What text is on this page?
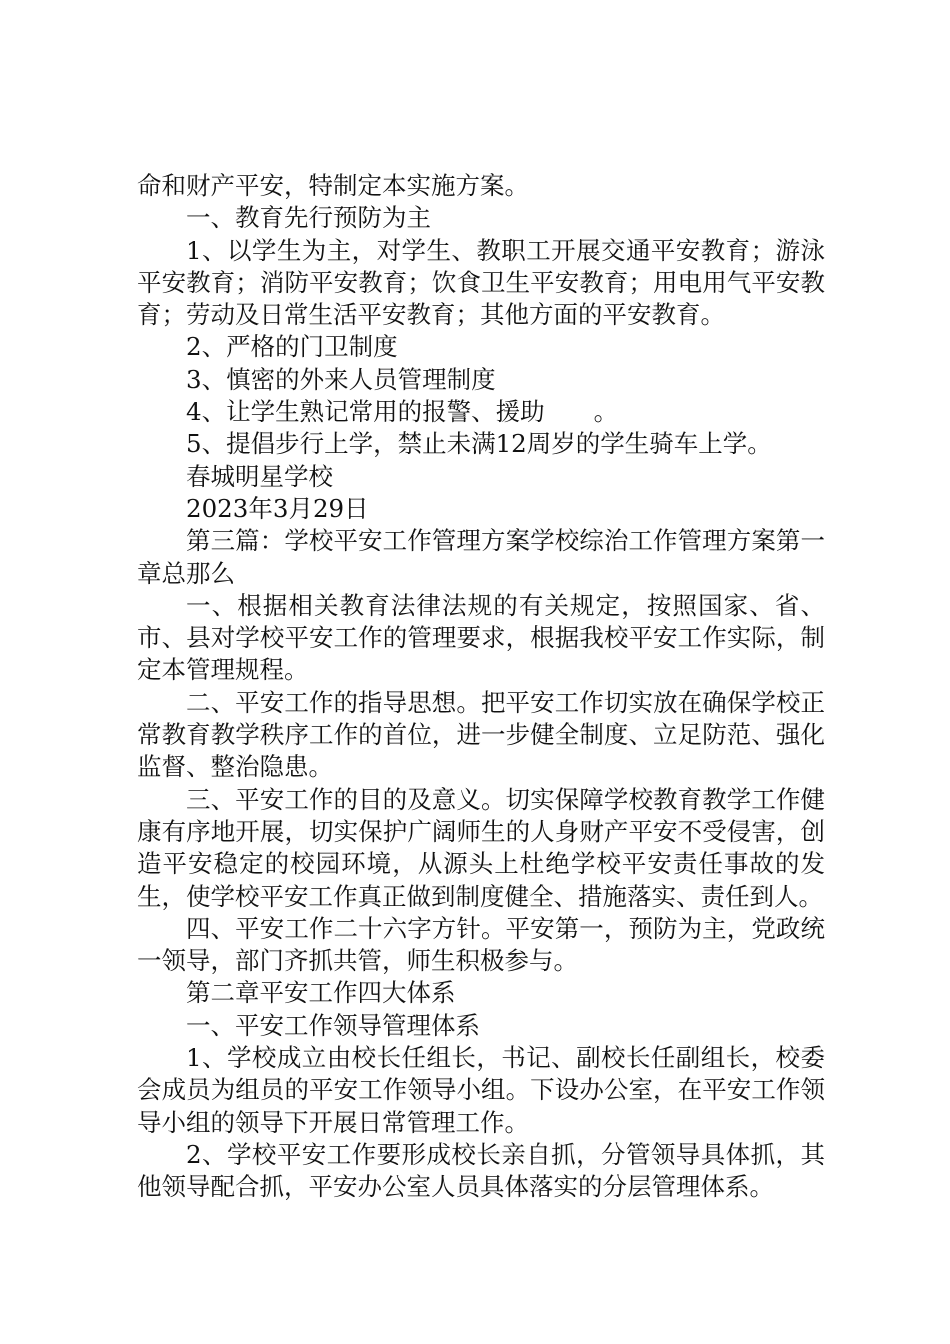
命和财产平安，特制定本实施方案。

一、教育先行预防为主

1、以学生为主，对学生、教职工开展交通平安教育；游泳平安教育；消防平安教育；饮食卫生平安教育；用电用气平安教育；劳动及日常生活平安教育；其他方面的平安教育。

2、严格的门卫制度

3、慎密的外来人员管理制度

4、让学生熟记常用的报警、援助　　。

5、提倡步行上学，禁止未满12周岁的学生骑车上学。

春城明星学校

2023年3月29日

第三篇：学校平安工作管理方案学校综治工作管理方案第一章总那么

一、根据相关教育法律法规的有关规定，按照国家、省、市、县对学校平安工作的管理要求，根据我校平安工作实际，制定本管理规程。

二、平安工作的指导思想。把平安工作切实放在确保学校正常教育教学秩序工作的首位，进一步健全制度、立足防范、强化监督、整治隐患。

三、平安工作的目的及意义。切实保障学校教育教学工作健康有序地开展，切实保护广阔师生的人身财产平安不受侵害，创造平安稳定的校园环境，从源头上杜绝学校平安责任事故的发生，使学校平安工作真正做到制度健全、措施落实、责任到人。

四、平安工作二十六字方针。平安第一，预防为主，党政统一领导，部门齐抓共管，师生积极参与。

第二章平安工作四大体系

一、平安工作领导管理体系

1、学校成立由校长任组长，书记、副校长任副组长，校委会成员为组员的平安工作领导小组。下设办公室，在平安工作领导小组的领导下开展日常管理工作。

2、学校平安工作要形成校长亲自抓，分管领导具体抓，其他领导配合抓，平安办公室人员具体落实的分层管理体系。
